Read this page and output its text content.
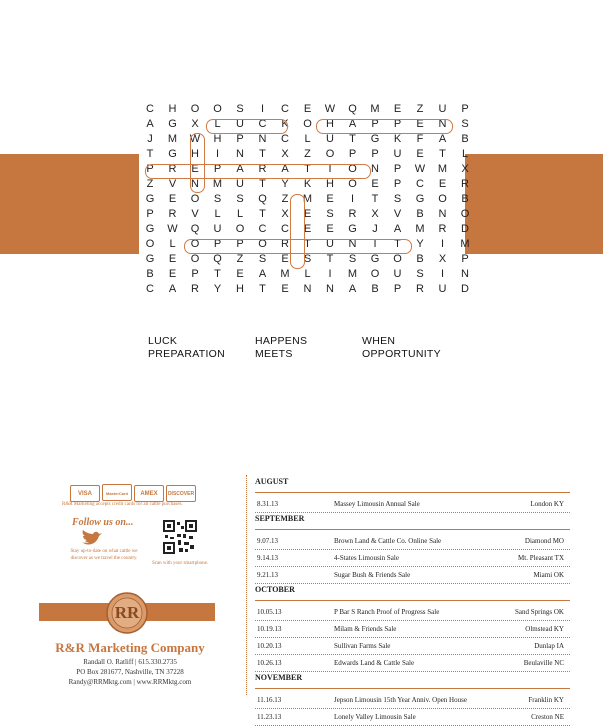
C	H	O	O	S	I	C	E	W	Q	M	E	Z	U	P
A	G	X	L	U	C	K	O	H	A	P	P	E	N	S
J	M	W	H	P	N	C	L	U	T	G	K	F	A	B
T	G	H	I	N	T	X	Z	O	P	P	U	E	T	L
P	R	E	P	A	R	A	T	I	O	N	P	W	M	X
Z	V	N	M	U	T	Y	K	H	O	E	P	C	E	R
G	E	O	S	S	Q	Z	M	E	I	T	S	G	O	B
P	R	V	L	L	T	X	E	S	R	X	V	B	N	O
G	W	Q	U	O	C	C	E	E	G	J	A	M	R	D
O	L	O	P	P	O	R	T	U	N	I	T	Y	I	M
G	E	O	Q	Z	S	E	S	T	S	G	O	B	X	P
B	E	P	T	E	A	M	L	I	M	O	U	S	I	N
C	A	R	Y	H	T	E	N	N	A	B	P	R	U	D
LUCK
PREPARATION
HAPPENS
MEETS
WHEN
OPPORTUNITY
VISA	MasterCard AMEX DISCOVER
R&R Marketing accepts credit cards for all cattle purchases.
Follow us on...
Stay up-to-date on what cattle we discover as we travel the country.
Scan with your smartphone.
RR
R&R Marketing Company
Randall O. Ratliff | 615.330.2735
PO Box 281677, Nashville, TN 37228
Randy@RRMktg.com | www.RRMktg.com
AUGUST
8.31.13	Massey Limousin Annual Sale	London KY
SEPTEMBER
9.07.13	Brown Land & Cattle Co. Online Sale	Diamond MO
9.14.13	4-States Limousin Sale	Mt. Pleasant TX
9.21.13	Sugar Bush & Friends Sale	Miami OK
OCTOBER
10.05.13	P Bar S Ranch Proof of Progress Sale	Sand Springs OK
10.19.13	Milam & Friends Sale	Olmstead KY
10.20.13	Sullivan Farms Sale	Dunlap IA
10.26.13	Edwards Land & Cattle Sale	Beulaville NC
NOVEMBER
11.16.13	Jepson Limousin 15th Year Anniv. Open House	Franklin KY
11.23.13	Lonely Valley Limousin Sale	Creston NE
